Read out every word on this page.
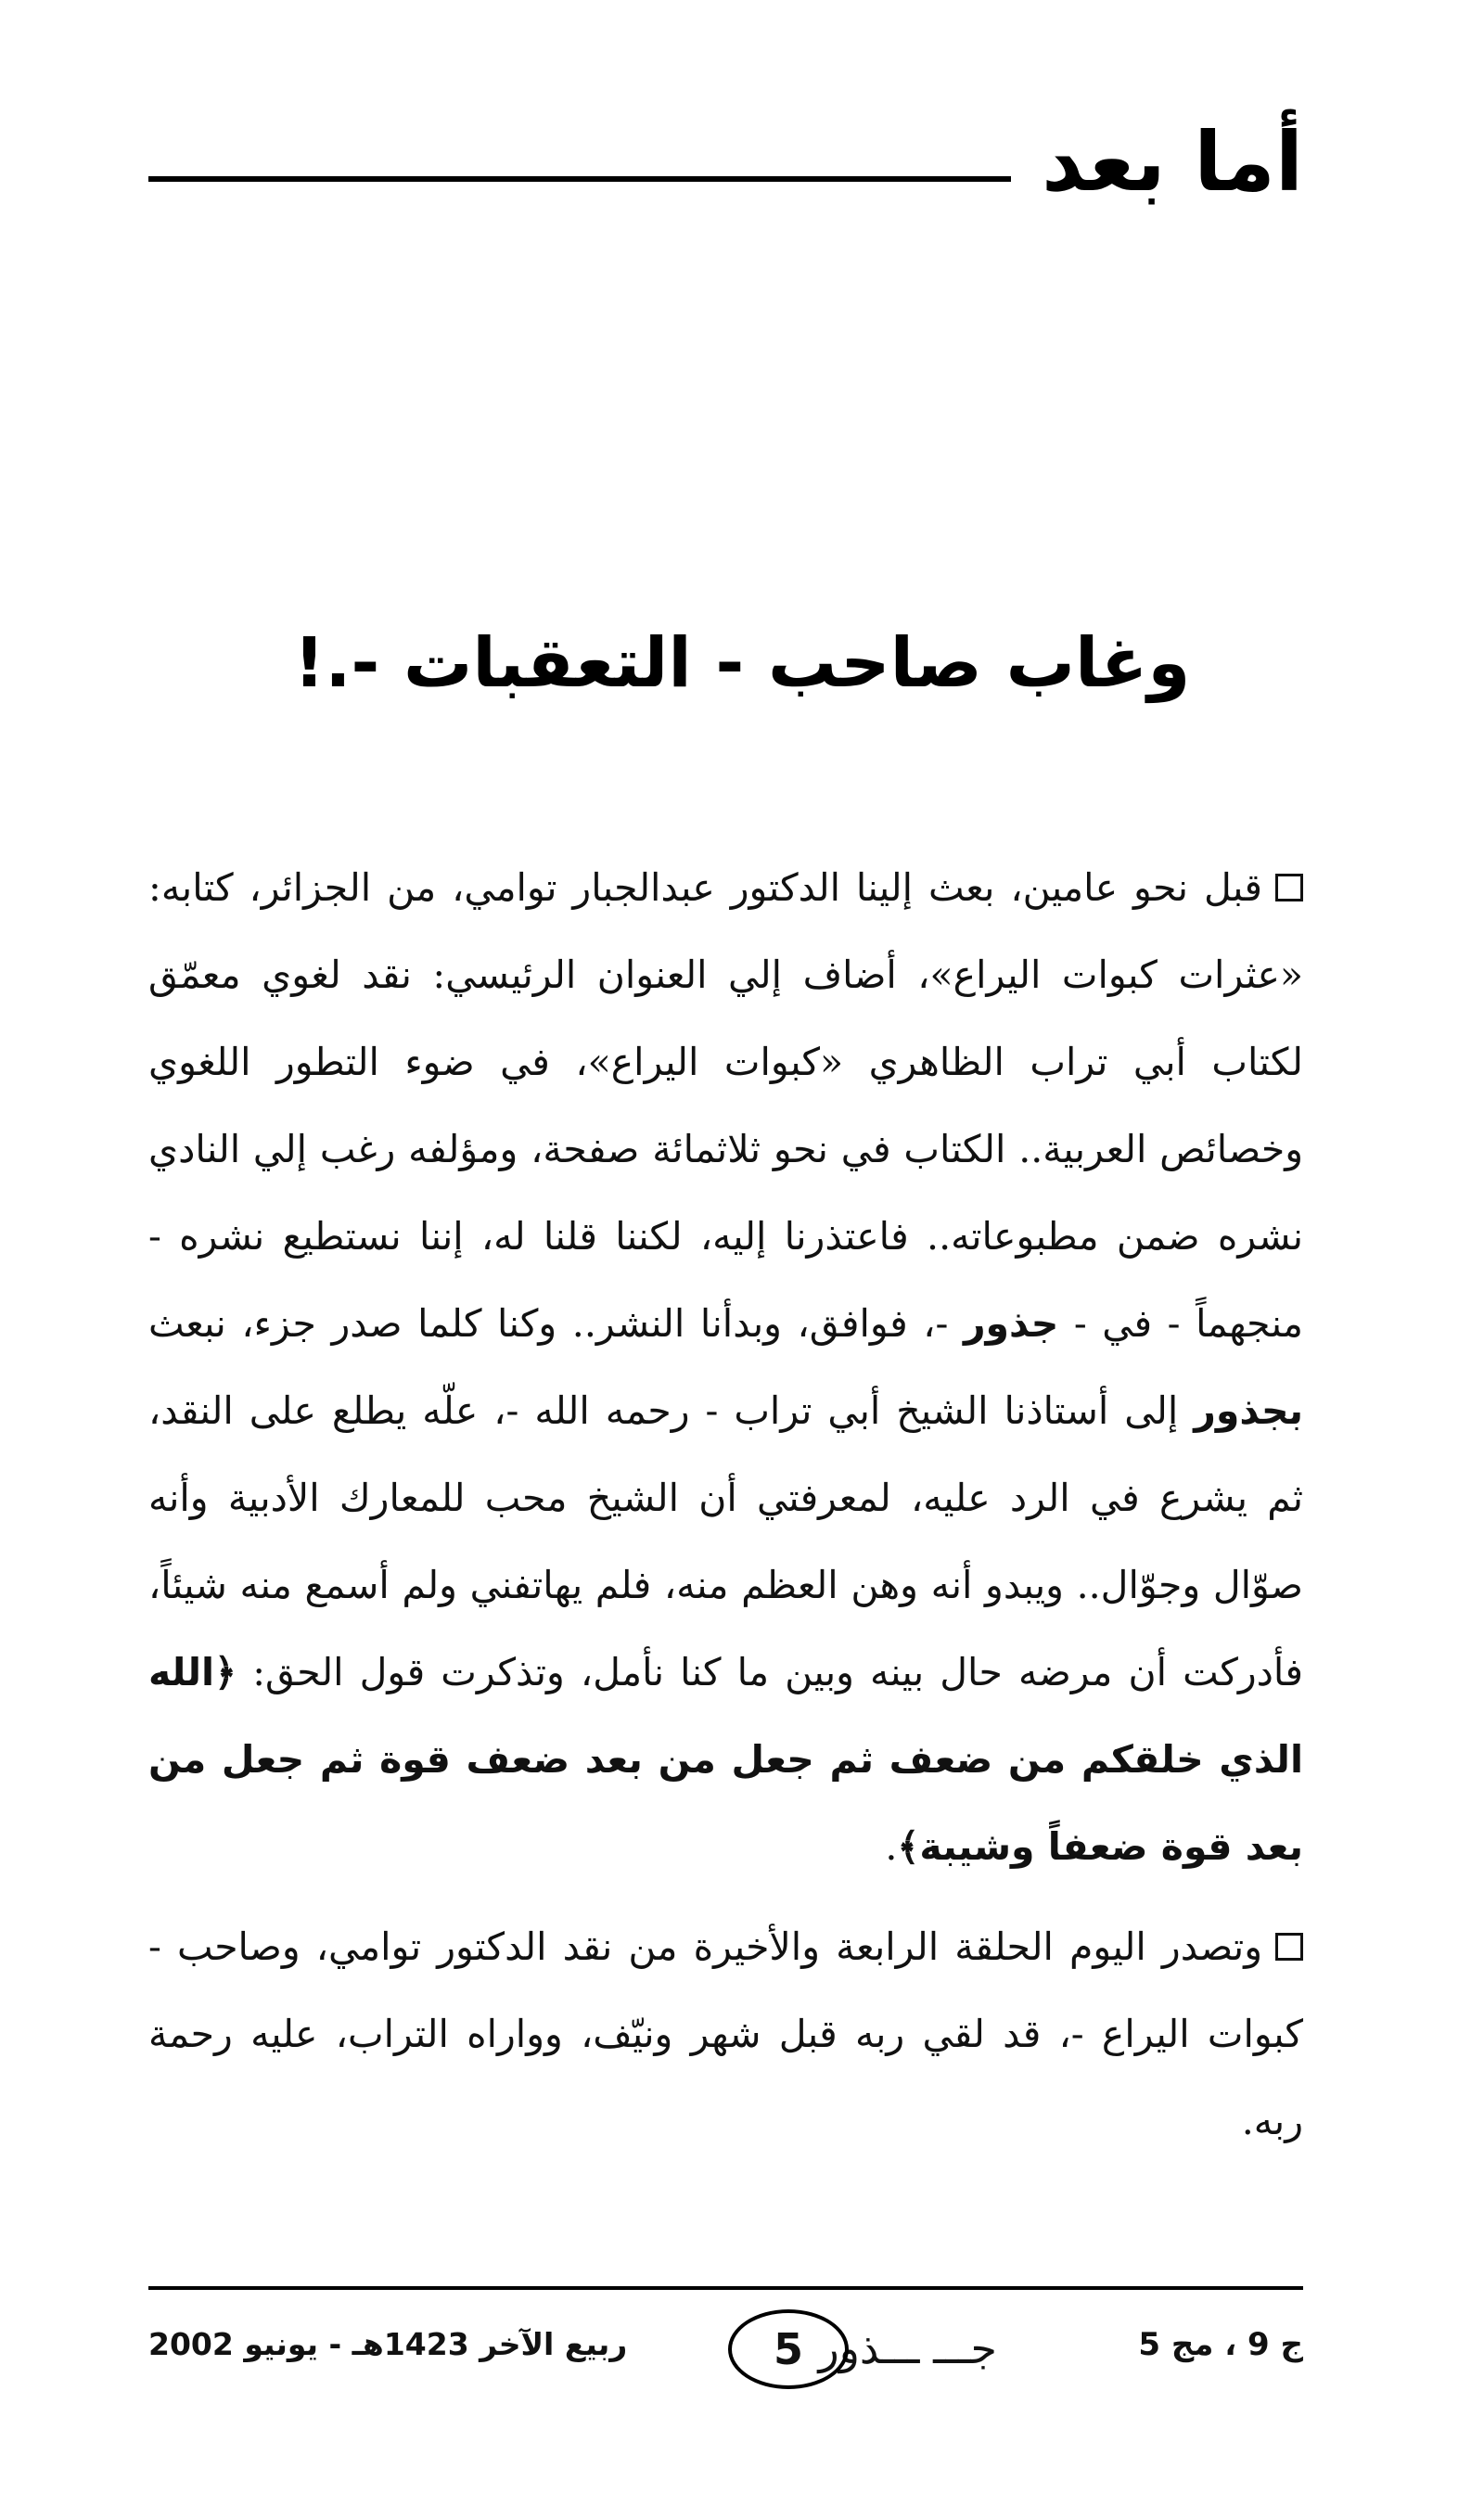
أما بعد
وغاب صاحب - التعقبات -.!

قبل نحو عامين، بعث إلينا الدكتور عبدالجبار توامي، من الجزائر، كتابه: «عثرات كبوات اليراع»، أضاف إلي العنوان الرئيسي: نقد لغوي معمّق لكتاب أبي تراب الظاهري «كبوات اليراع»، في ضوء التطور اللغوي وخصائص العربية.. الكتاب في نحو ثلاثمائة صفحة، ومؤلفه رغب إلي النادي نشره ضمن مطبوعاته.. فاعتذرنا إليه، لكننا قلنا له، إننا نستطيع نشره - منجهماً - في - جذور -، فوافق، وبدأنا النشر.. وكنا كلما صدر جزء، نبعث بجذور إلى أستاذنا الشيخ أبي تراب - رحمه الله -، علّه يطلع على النقد، ثم يشرع في الرد عليه، لمعرفتي أن الشيخ محب للمعارك الأدبية وأنه صوّال وجوّال.. ويبدو أنه وهن العظم منه، فلم يهاتفني ولم أسمع منه شيئاً، فأدركت أن مرضه حال بينه وبين ما كنا نأمل، وتذكرت قول الحق: ﴿الله الذي خلقكم من ضعف ثم جعل من بعد ضعف قوة ثم جعل من بعد قوة ضعفاً وشيبة﴾.

وتصدر اليوم الحلقة الرابعة والأخيرة من نقد الدكتور توامي، وصاحب - كبوات اليراع -، قد لقي ربه قبل شهر ونيّف، وواراه التراب، عليه رحمة ربه.

ج 9 ، مج 5
جـــ ـــذور
5
ربيع الآخر 1423هـ - يونيو 2002
